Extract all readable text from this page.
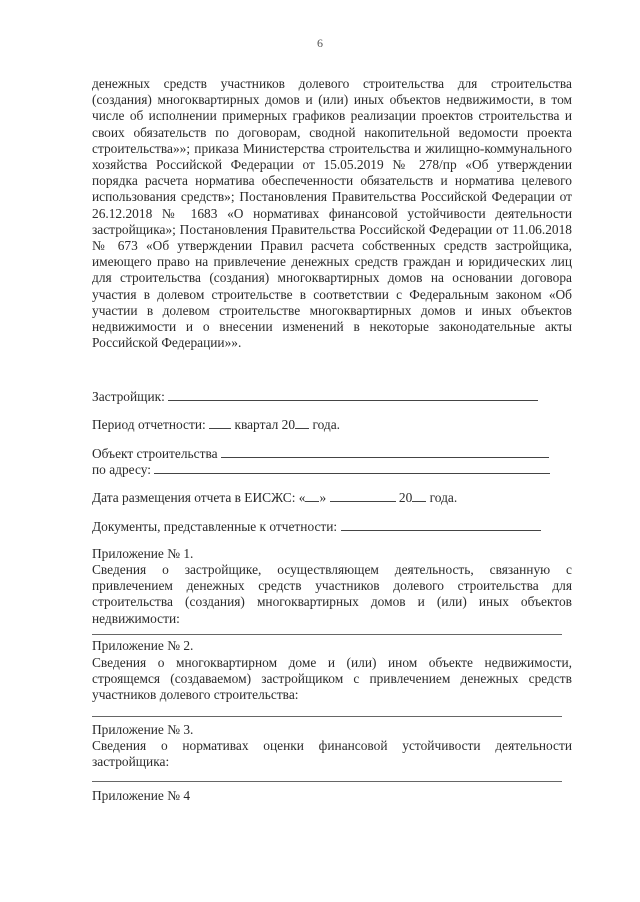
6

денежных средств участников долевого строительства для строительства (создания) многоквартирных домов и (или) иных объектов недвижимости, в том числе об исполнении примерных графиков реализации проектов строительства и своих обязательств по договорам, сводной накопительной ведомости проекта строительства»»; приказа Министерства строительства и жилищно-коммунального хозяйства Российской Федерации от 15.05.2019 № 278/пр «Об утверждении порядка расчета норматива обеспеченности обязательств и норматива целевого использования средств»; Постановления Правительства Российской Федерации от 26.12.2018 № 1683 «О нормативах финансовой устойчивости деятельности застройщика»; Постановления Правительства Российской Федерации от 11.06.2018 № 673 «Об утверждении Правил расчета собственных средств застройщика, имеющего право на привлечение денежных средств граждан и юридических лиц для строительства (создания) многоквартирных домов на основании договора участия в долевом строительстве в соответствии с Федеральным законом «Об участии в долевом строительстве многоквартирных домов и иных объектов недвижимости и о внесении изменений в некоторые законодательные акты Российской Федерации»».

Застройщик:
Период отчетности: квартал 20 года.
Объект строительства
по адресу:
Дата размещения отчета в ЕИСЖС: « »	20 года.
Документы, представленные к отчетности:
Приложение № 1.
Сведения о застройщике, осуществляющем деятельность, связанную с привлечением денежных средств участников долевого строительства для строительства (создания) многоквартирных домов и (или) иных объектов недвижимости:
Приложение № 2.
Сведения о многоквартирном доме и (или) ином объекте недвижимости, строящемся (создаваемом) застройщиком с привлечением денежных средств участников долевого строительства:
Приложение № 3.
Сведения о нормативах оценки финансовой устойчивости деятельности застройщика:
Приложение № 4
